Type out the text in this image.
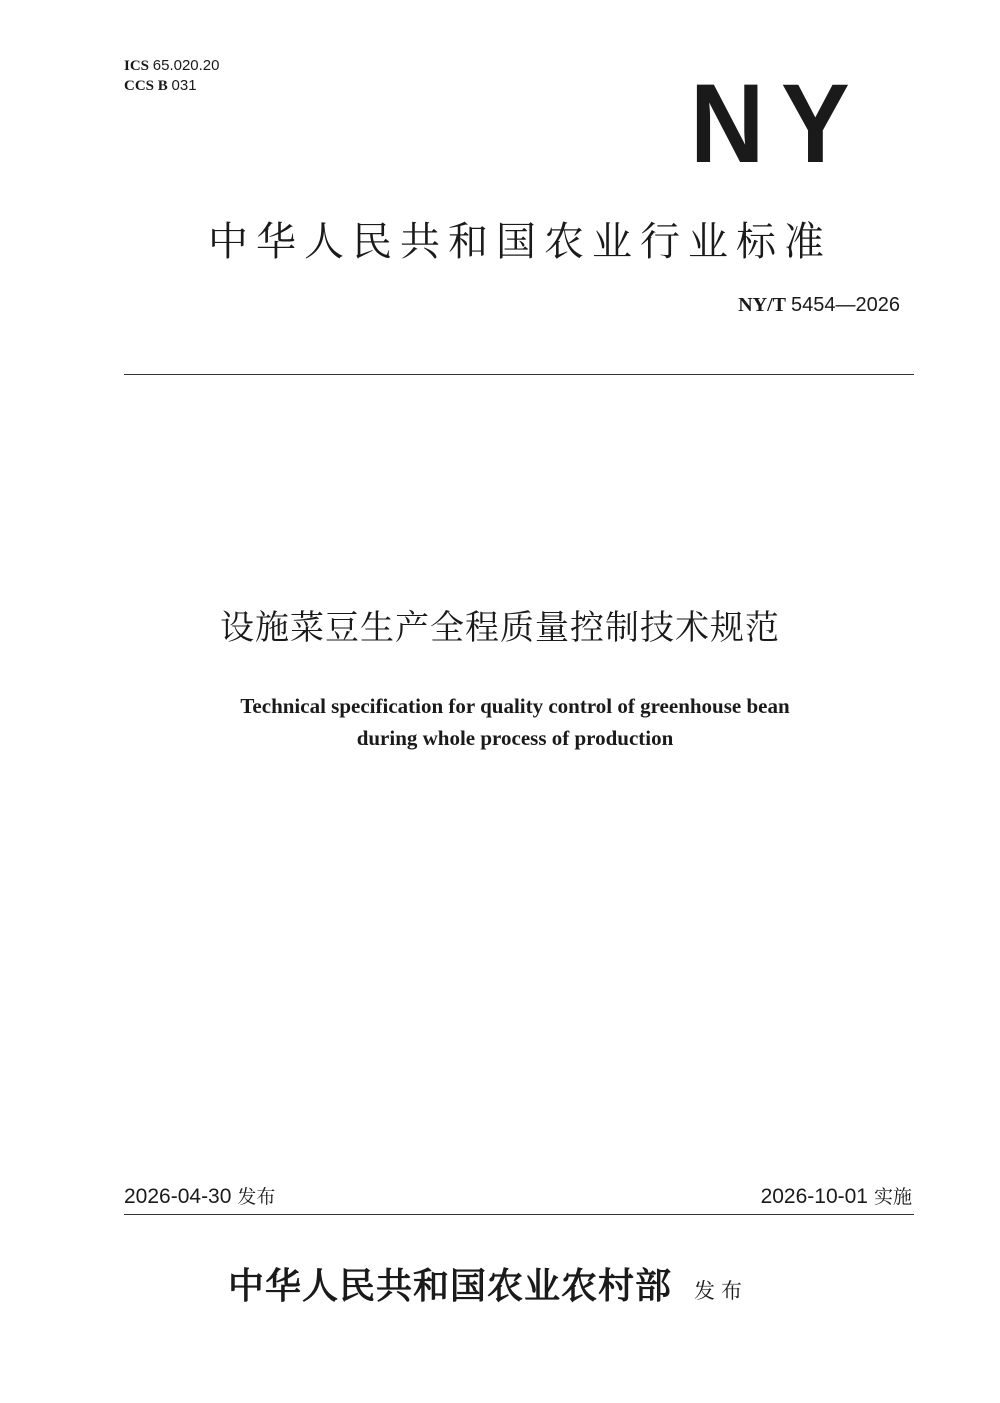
ICS 65.020.20
CCS B 031	NY
中华人民共和国农业行业标准
NY/T 5454—2026
设施菜豆生产全程质量控制技术规范
Technical specification for quality control of greenhouse bean
during whole process of production
2026-04-30 发布	2026-10-01 实施
中华人民共和国农业农村部 发布
